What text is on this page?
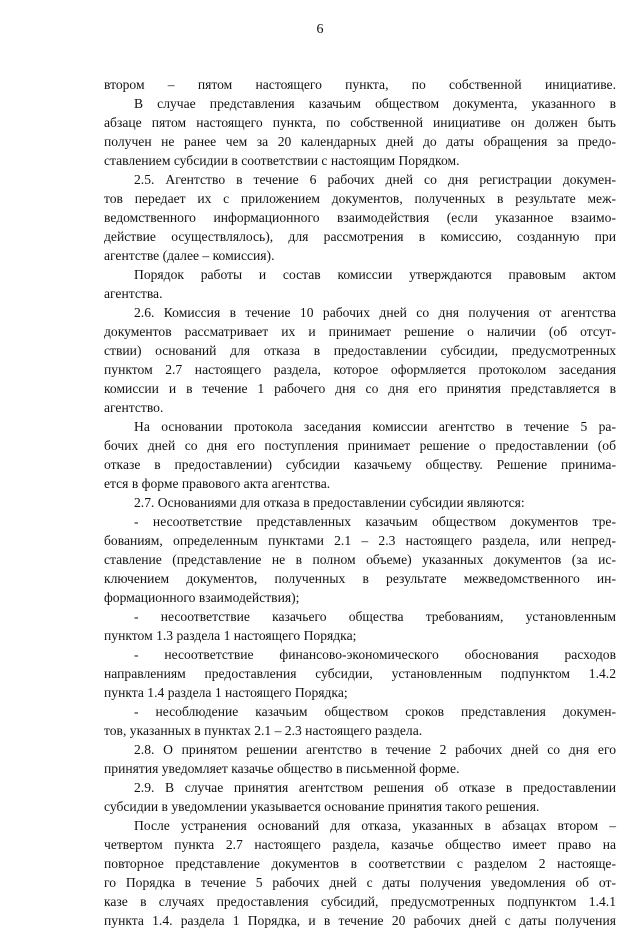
6
втором – пятом настоящего пункта, по собственной инициативе.
В случае представления казачьим обществом документа, указанного в
абзаце пятом настоящего пункта, по собственной инициативе он должен быть
получен не ранее чем за 20 календарных дней до даты обращения за предо-
ставлением субсидии в соответствии с настоящим Порядком.
2.5. Агентство в течение 6 рабочих дней со дня регистрации докумен-
тов передает их с приложением документов, полученных в результате меж-
ведомственного информационного взаимодействия (если указанное взаимо-
действие осуществлялось), для рассмотрения в комиссию, созданную при
агентстве (далее – комиссия).
Порядок работы и состав комиссии утверждаются правовым актом
агентства.
2.6. Комиссия в течение 10 рабочих дней со дня получения от агентства
документов рассматривает их и принимает решение о наличии (об отсут-
ствии) оснований для отказа в предоставлении субсидии, предусмотренных
пунктом 2.7 настоящего раздела, которое оформляется протоколом заседания
комиссии и в течение 1 рабочего дня со дня его принятия представляется в
агентство.
На основании протокола заседания комиссии агентство в течение 5 ра-
бочих дней со дня его поступления принимает решение о предоставлении (об
отказе в предоставлении) субсидии казачьему обществу. Решение принима-
ется в форме правового акта агентства.
2.7. Основаниями для отказа в предоставлении субсидии являются:
- несоответствие представленных казачьим обществом документов тре-
бованиям, определенным пунктами 2.1 – 2.3 настоящего раздела, или непред-
ставление (представление не в полном объеме) указанных документов (за ис-
ключением документов, полученных в результате межведомственного ин-
формационного взаимодействия);
- несоответствие казачьего общества требованиям, установленным
пунктом 1.3 раздела 1 настоящего Порядка;
- несоответствие финансово-экономического обоснования расходов
направлениям предоставления субсидии, установленным подпунктом 1.4.2
пункта 1.4 раздела 1 настоящего Порядка;
- несоблюдение казачьим обществом сроков представления докумен-
тов, указанных в пунктах 2.1 – 2.3 настоящего раздела.
2.8. О принятом решении агентство в течение 2 рабочих дней со дня его
принятия уведомляет казачье общество в письменной форме.
2.9. В случае принятия агентством решения об отказе в предоставлении
субсидии в уведомлении указывается основание принятия такого решения.
После устранения оснований для отказа, указанных в абзацах втором –
четвертом пункта 2.7 настоящего раздела, казачье общество имеет право на
повторное представление документов в соответствии с разделом 2 настояще-
го Порядка в течение 5 рабочих дней с даты получения уведомления об от-
казе в случаях предоставления субсидий, предусмотренных подпунктом 1.4.1
пункта 1.4. раздела 1 Порядка, и в течение 20 рабочих дней с даты получения
